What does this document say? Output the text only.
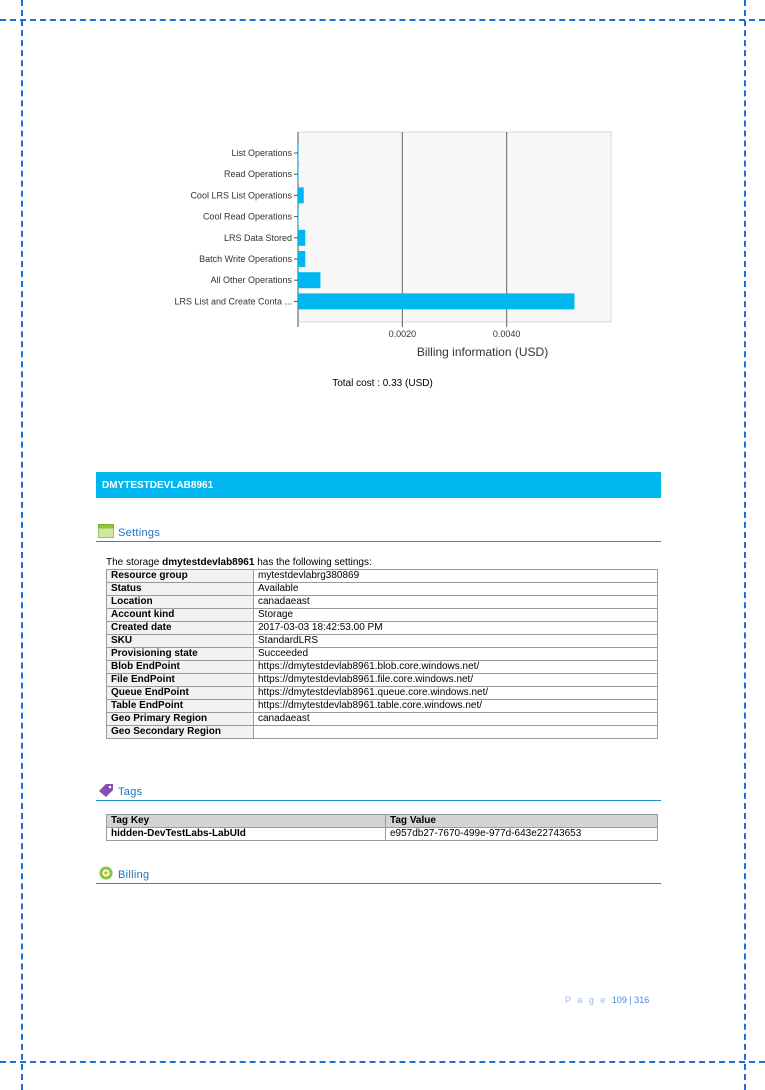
0.0020	0.0040
List Operations
Read Operations
Cool LRS List Operations
Cool Read Operations
LRS Data Stored
Batch Write Operations
All Other Operations
LRS List and Create Conta ...
Billing information (USD)
Total cost : 0.33 (USD)
DMYTESTDEVLAB8961
Settings
The storage dmytestdevlab8961 has the following settings:
Resource group	mytestdevlabrg380869
Status	Available
Location	canadaeast
Account kind	Storage
Created date	2017-03-03 18:42:53.00 PM
SKU	StandardLRS
Provisioning state	Succeeded
Blob EndPoint	https://dmytestdevlab8961.blob.core.windows.net/
File EndPoint	https://dmytestdevlab8961.file.core.windows.net/
Queue EndPoint	https://dmytestdevlab8961.queue.core.windows.net/
Table EndPoint	https://dmytestdevlab8961.table.core.windows.net/
Geo Primary Region	canadaeast
Geo Secondary Region	
Tags
Tag Key	Tag Value
hidden-DevTestLabs-LabUId	e957db27-7670-499e-977d-643e22743653
Billing
P a g e 109 | 316
